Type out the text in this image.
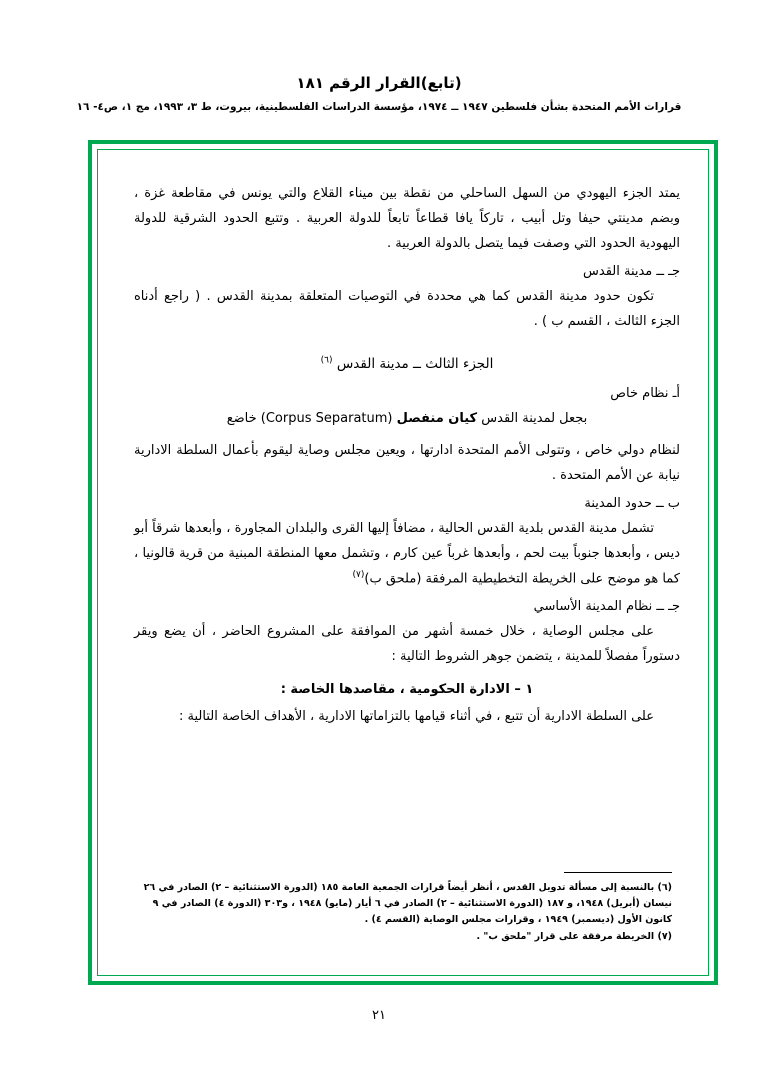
(تابع)القرار الرقم ١٨١
قرارات الأمم المتحدة بشأن فلسطين ١٩٤٧ ــ ١٩٧٤، مؤسسة الدراسات الفلسطينية، بيروت، ط ٣، ١٩٩٣، مج ١، ص٤- ١٦

يمتد الجزء اليهودي من السهل الساحلي من نقطة بين ميناء القلاع والتي يونس في مقاطعة غزة ، وبضم مدينتي حيفا وتل أبيب ، تاركاً يافا قطاعاً تابعاً للدولة العربية . وتتبع الحدود الشرقية للدولة اليهودية الحدود التي وصفت فيما يتصل بالدولة العربية .

جـ ــ مدينة القدس

تكون حدود مدينة القدس كما هي محددة في التوصيات المتعلقة بمدينة القدس . ( راجع أدناه الجزء الثالث ، القسم ب ) .

الجزء الثالث ــ مدينة القدس $^{(٦)}$

أـ نظام خاص

بجعل لمدينة القدس كيان منفصل (Corpus Separatum) خاضع

لنظام دولي خاص ، وتتولى الأمم المتحدة ادارتها ، ويعين مجلس وصاية ليقوم بأعمال السلطة الادارية نيابة عن الأمم المتحدة .

ب ــ حدود المدينة

تشمل مدينة القدس بلدية القدس الحالية ، مضافاً إليها القرى والبلدان المجاورة ، وأبعدها شرقاً أبو ديس ، وأبعدها جنوباً بيت لحم ، وأبعدها غرباً عين كارم ، وتشمل معها المنطقة المبنية من قرية قالونيا ، كما هو موضح على الخريطة التخطيطية المرفقة (ملحق ب)$^{(٧)}$

جـ ــ نظام المدينة الأساسي

على مجلس الوصاية ، خلال خمسة أشهر من الموافقة على المشروع الحاضر ، أن يضع ويقر دستوراً مفصلاً للمدينة ، يتضمن جوهر الشروط التالية :

١ – الادارة الحكومية ، مقاصدها الخاصة :

على السلطة الادارية أن تتبع ، في أثناء قيامها بالتزاماتها الادارية ، الأهداف الخاصة التالية :

(٦) بالنسبة إلى مسألة تدويل القدس ، أنظر أيضاً قرارات الجمعية العامة ١٨٥ (الدورة الاستثنائية – ٢) الصادر في ٢٦ نيسان (أبريل) ١٩٤٨، و ١٨٧ (الدورة الاستثنائية – ٢) الصادر في ٦ أيار (مايو) ١٩٤٨ ، و٣٠٣ (الدورة ٤) الصادر في ٩ كانون الأول (ديسمبر) ١٩٤٩ ، وقرارات مجلس الوصاية (القسم ٤) .

(٧) الخريطة مرفقة على قرار "ملحق ب" .

٢١
